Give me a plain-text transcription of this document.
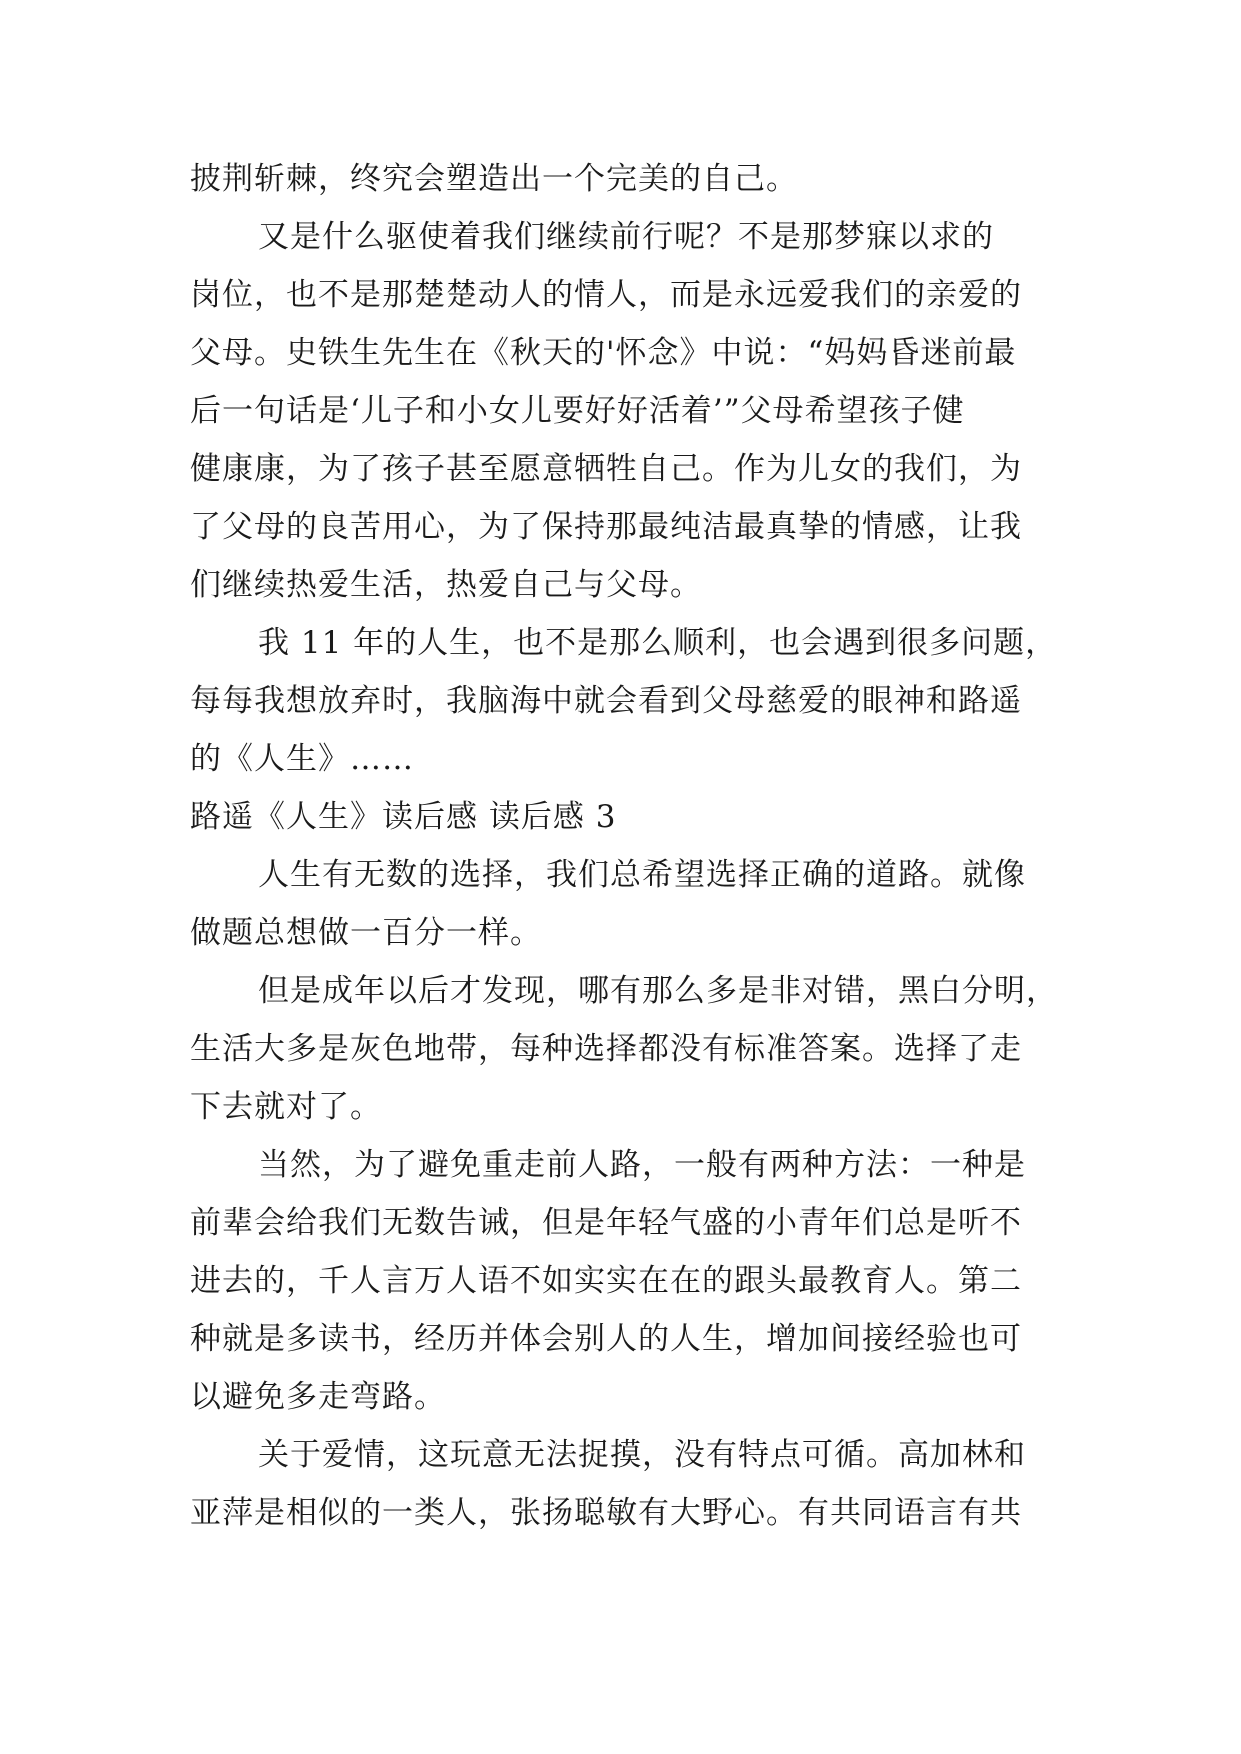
披荆斩棘，终究会塑造出一个完美的自己。
又是什么驱使着我们继续前行呢？不是那梦寐以求的
岗位，也不是那楚楚动人的情人，而是永远爱我们的亲爱的
父母。史铁生先生在《秋天的'怀念》中说：“妈妈昏迷前最
后一句话是‘儿子和小女儿要好好活着’”父母希望孩子健
健康康，为了孩子甚至愿意牺牲自己。作为儿女的我们，为
了父母的良苦用心，为了保持那最纯洁最真挚的情感，让我
们继续热爱生活，热爱自己与父母。
我 11 年的人生，也不是那么顺利，也会遇到很多问题，
每每我想放弃时，我脑海中就会看到父母慈爱的眼神和路遥
的《人生》……
路遥《人生》读后感 读后感 3
人生有无数的选择，我们总希望选择正确的道路。就像
做题总想做一百分一样。
但是成年以后才发现，哪有那么多是非对错，黑白分明，
生活大多是灰色地带，每种选择都没有标准答案。选择了走
下去就对了。
当然，为了避免重走前人路，一般有两种方法：一种是
前辈会给我们无数告诫，但是年轻气盛的小青年们总是听不
进去的，千人言万人语不如实实在在的跟头最教育人。第二
种就是多读书，经历并体会别人的人生，增加间接经验也可
以避免多走弯路。
关于爱情，这玩意无法捉摸，没有特点可循。高加林和
亚萍是相似的一类人，张扬聪敏有大野心。有共同语言有共
